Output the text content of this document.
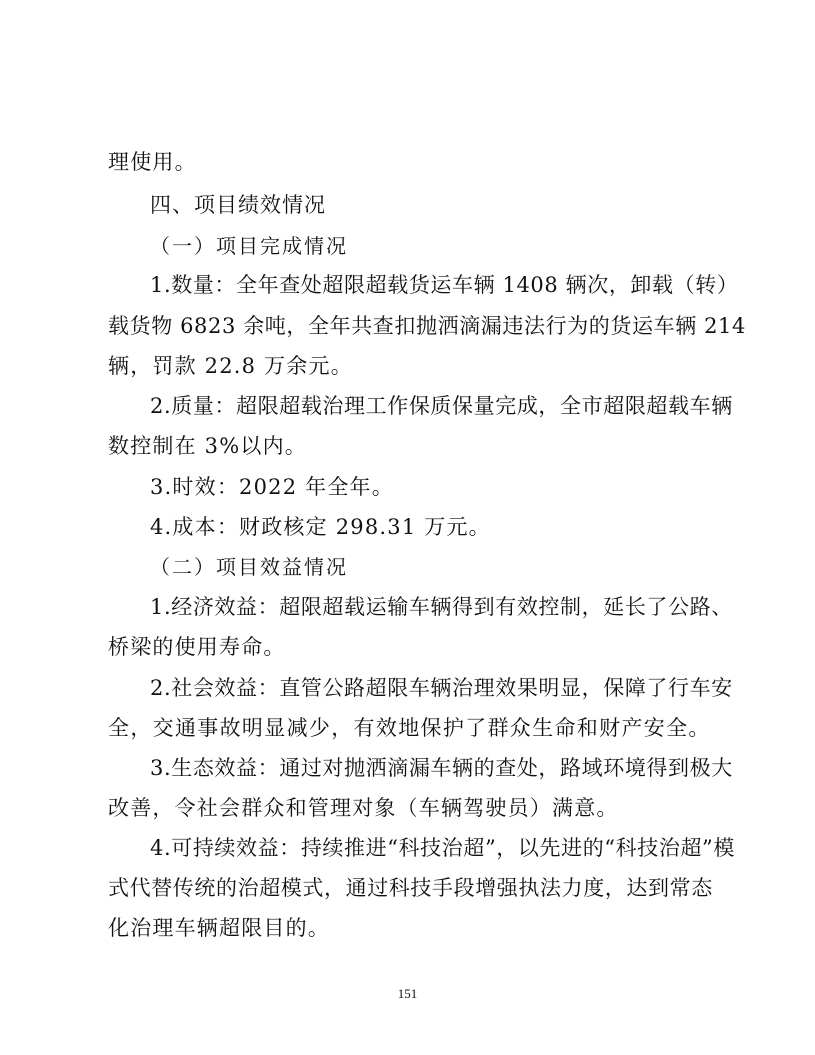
理使用。
四、项目绩效情况
（一）项目完成情况
1.数量：全年查处超限超载货运车辆 1408 辆次，卸载（转）
载货物 6823 余吨，全年共查扣抛洒滴漏违法行为的货运车辆 214
辆，罚款 22.8 万余元。
2.质量：超限超载治理工作保质保量完成，全市超限超载车辆
数控制在 3%以内。
3.时效：2022 年全年。
4.成本：财政核定 298.31 万元。
（二）项目效益情况
1.经济效益：超限超载运输车辆得到有效控制，延长了公路、
桥梁的使用寿命。
2.社会效益：直管公路超限车辆治理效果明显，保障了行车安
全，交通事故明显减少，有效地保护了群众生命和财产安全。
3.生态效益：通过对抛洒滴漏车辆的查处，路域环境得到极大
改善，令社会群众和管理对象（车辆驾驶员）满意。
4.可持续效益：持续推进“科技治超”，以先进的“科技治超”模
式代替传统的治超模式，通过科技手段增强执法力度，达到常态
化治理车辆超限目的。
151
